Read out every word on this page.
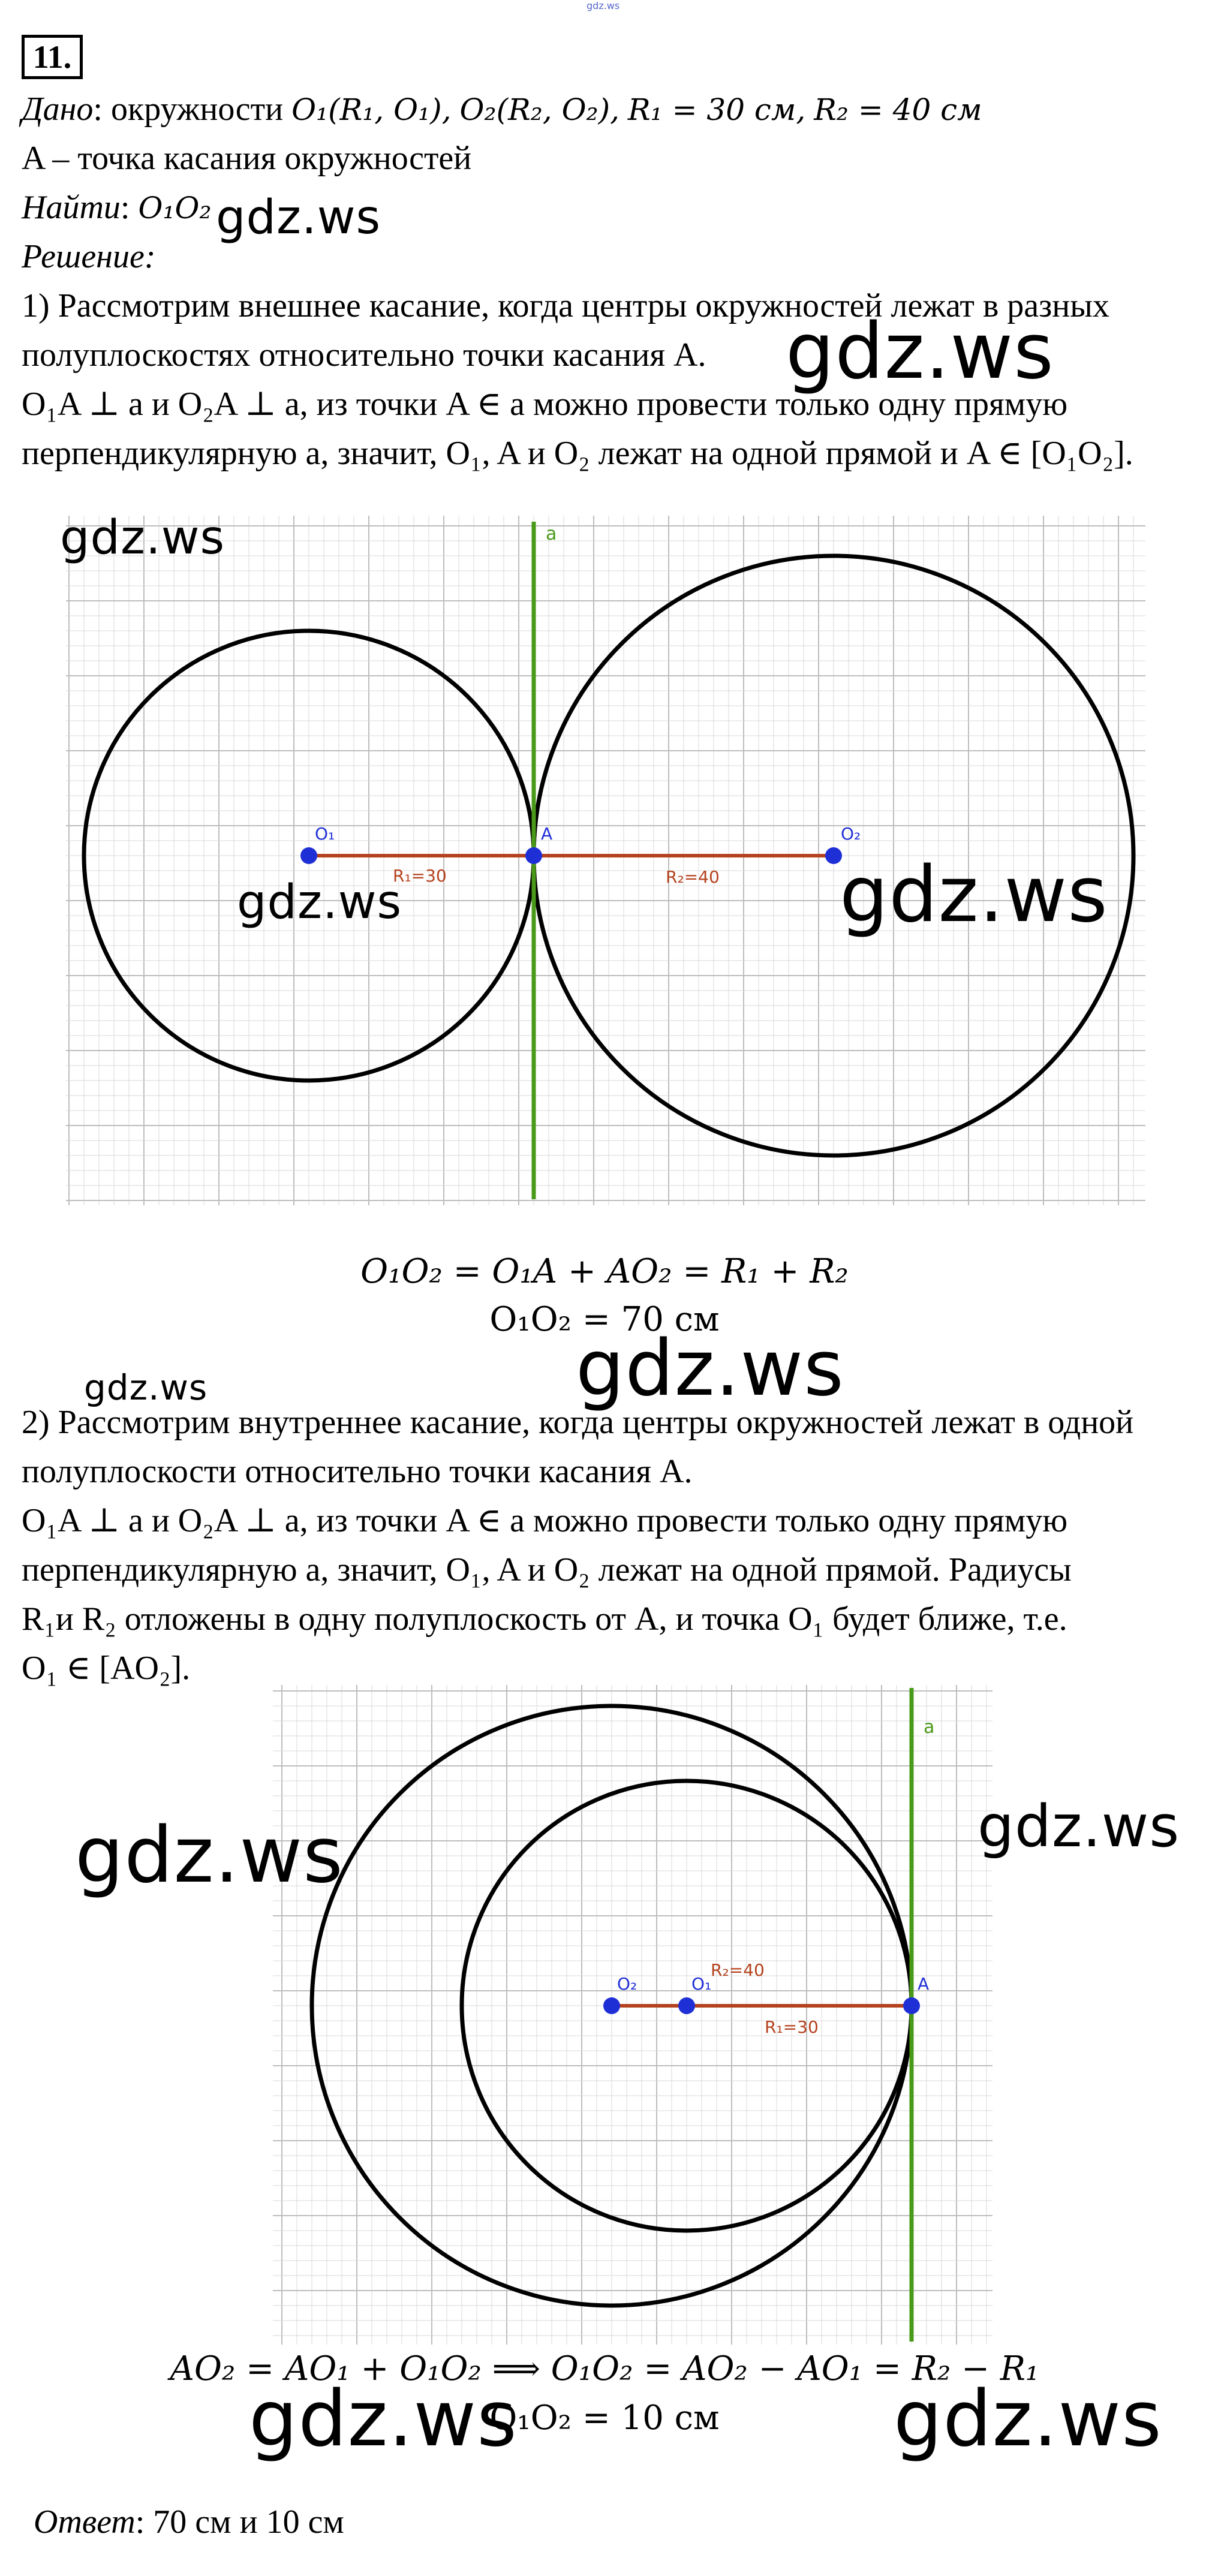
gdz.ws
11.
Дано: окружности O₁(R₁, O₁), O₂(R₂, O₂), R₁ = 30 см, R₂ = 40 см
A – точка касания окружностей
Найти: O₁O₂
Решение:
1) Рассмотрим внешнее касание, когда центры окружностей лежат в разных
полуплоскостях относительно точки касания A.
O₁A ⊥ a и O₂A ⊥ a, из точки A ∈ a можно провести только одну прямую
перпендикулярную a, значит, O₁, A и O₂ лежат на одной прямой и A ∈ [O₁O₂].
a
O₁	A	O₂
R₁=30	R₂=40
O₁O₂ = O₁A + AO₂ = R₁ + R₂
O₁O₂ = 70 см
2) Рассмотрим внутреннее касание, когда центры окружностей лежат в одной
полуплоскости относительно точки касания A.
O₁A ⊥ a и O₂A ⊥ a, из точки A ∈ a можно провести только одну прямую
перпендикулярную a, значит, O₁, A и O₂ лежат на одной прямой. Радиусы
R₁и R₂ отложены в одну полуплоскость от A, и точка O₁ будет ближе, т.е.
O₁ ∈ [AO₂].
a
O₂	O₁	A
R₂=40
R₁=30
AO₂ = AO₁ + O₁O₂ ⟹ O₁O₂ = AO₂ − AO₁ = R₂ − R₁
O₁O₂ = 10 см
Ответ: 70 см и 10 см
gdz.ws
gdz.ws
gdz.ws
gdz.ws	gdz.ws
gdz.ws
gdz.ws
gdz.ws	gdz.ws
gdz.ws	gdz.ws
